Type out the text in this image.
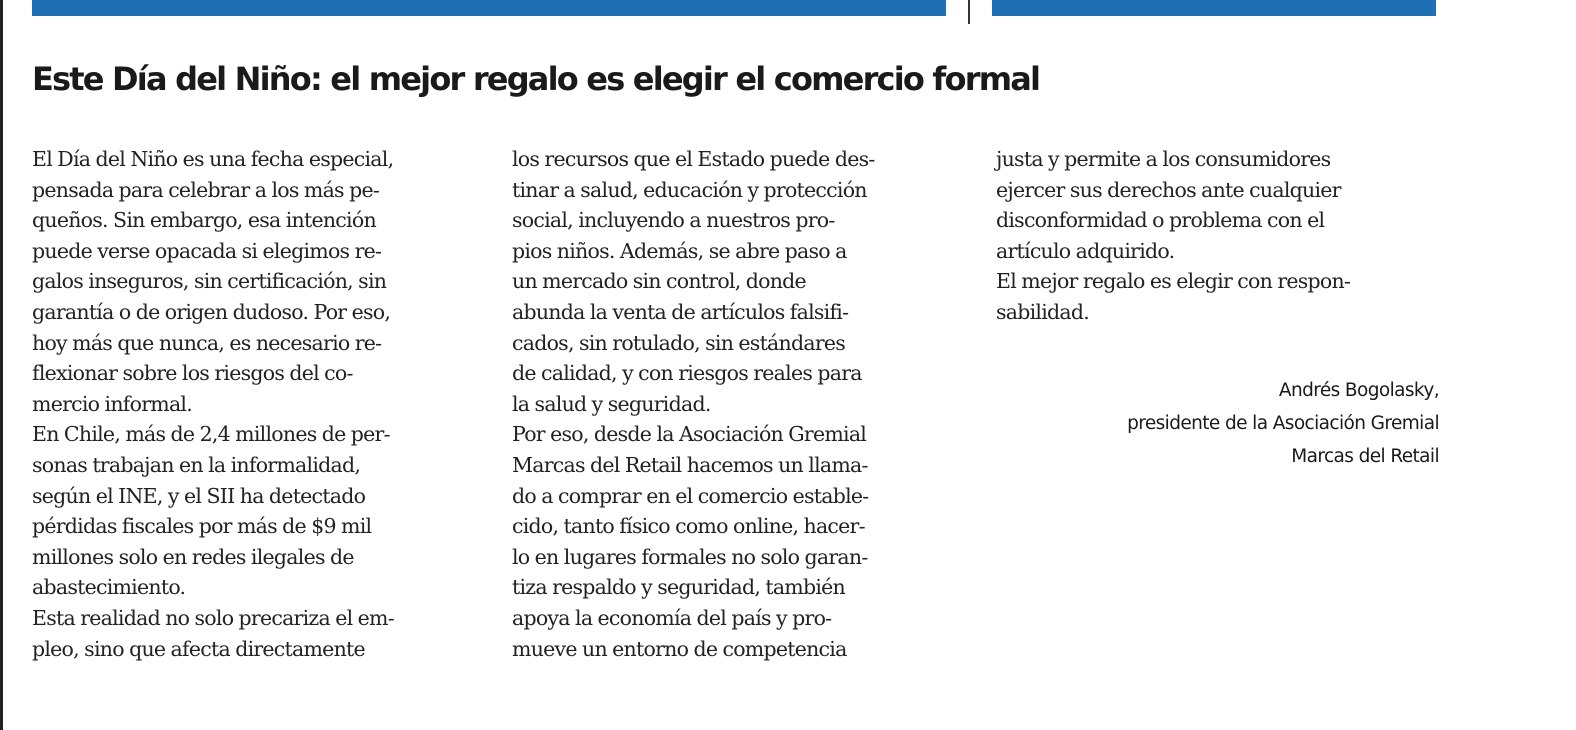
Este Día del Niño: el mejor regalo es elegir el comercio formal

El Día del Niño es una fecha especial,
pensada para celebrar a los más pe-
queños. Sin embargo, esa intención
puede verse opacada si elegimos re-
galos inseguros, sin certificación, sin
garantía o de origen dudoso. Por eso,
hoy más que nunca, es necesario re-
flexionar sobre los riesgos del co-
mercio informal.

En Chile, más de 2,4 millones de per-
sonas trabajan en la informalidad,
según el INE, y el SII ha detectado
pérdidas fiscales por más de $9 mil
millones solo en redes ilegales de
abastecimiento.

Esta realidad no solo precariza el em-
pleo, sino que afecta directamente

los recursos que el Estado puede des-
tinar a salud, educación y protección
social, incluyendo a nuestros pro-
pios niños. Además, se abre paso a
un mercado sin control, donde
abunda la venta de artículos falsifi-
cados, sin rotulado, sin estándares
de calidad, y con riesgos reales para
la salud y seguridad.

Por eso, desde la Asociación Gremial
Marcas del Retail hacemos un llama-
do a comprar en el comercio estable-
cido, tanto físico como online, hacer-
lo en lugares formales no solo garan-
tiza respaldo y seguridad, también
apoya la economía del país y pro-
mueve un entorno de competencia

justa y permite a los consumidores
ejercer sus derechos ante cualquier
disconformidad o problema con el
artículo adquirido.

El mejor regalo es elegir con respon-
sabilidad.

Andrés Bogolasky,
presidente de la Asociación Gremial
Marcas del Retail
